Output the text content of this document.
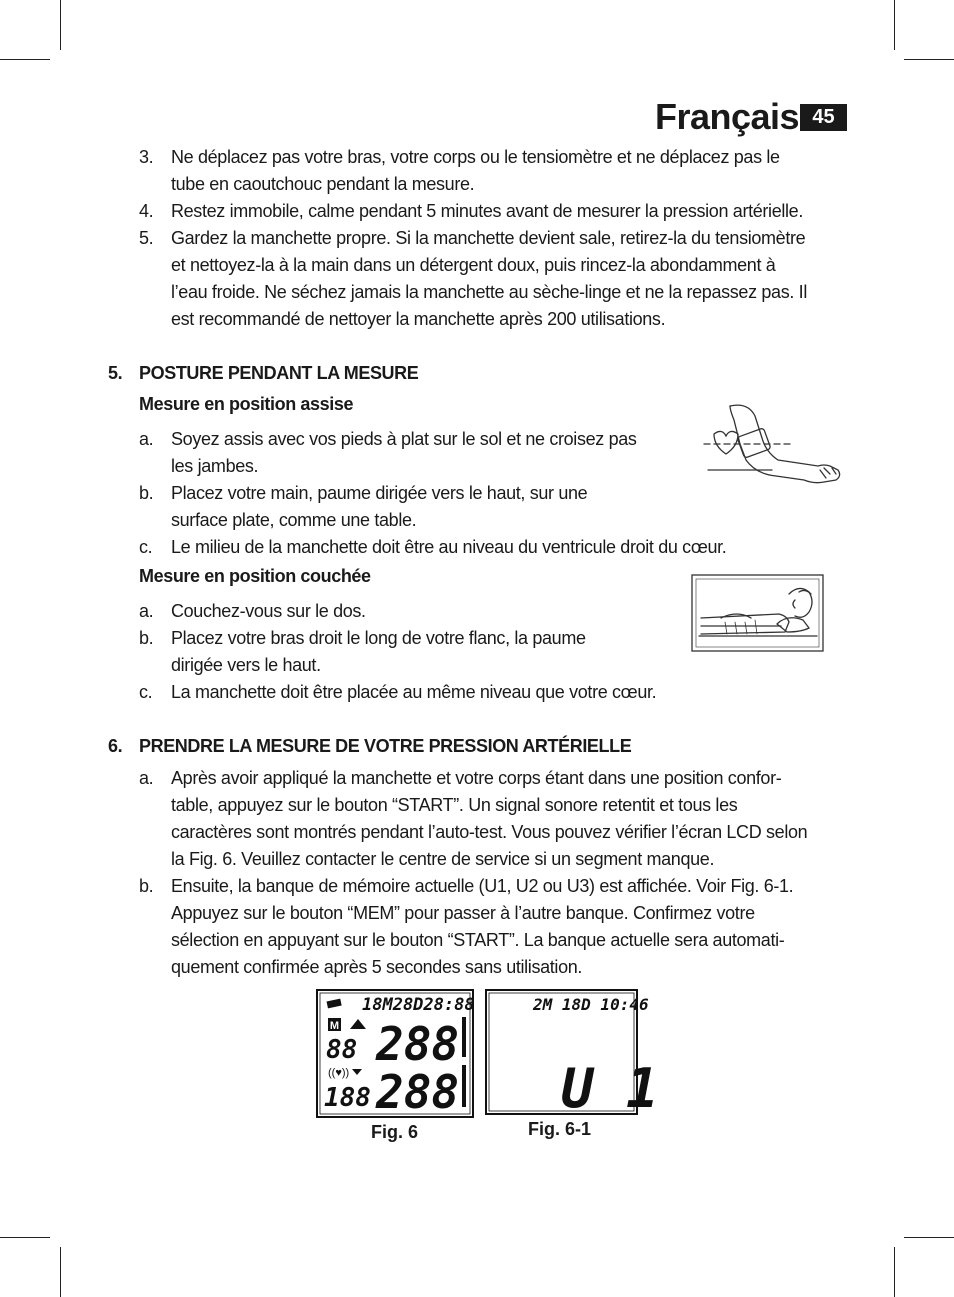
Français 45
3. Ne déplacez pas votre bras, votre corps ou le tensiomètre et ne déplacez pas le
tube en caoutchouc pendant la mesure.
4. Restez immobile, calme pendant 5 minutes avant de mesurer la pression artérielle.
5. Gardez la manchette propre. Si la manchette devient sale, retirez-la du tensiomètre
et nettoyez-la à la main dans un détergent doux, puis rincez-la abondamment à
l’eau froide. Ne séchez jamais la manchette au sèche-linge et ne la repassez pas. Il
est recommandé de nettoyer la manchette après 200 utilisations.
5. POSTURE PENDANT LA MESURE
Mesure en position assise
a. Soyez assis avec vos pieds à plat sur le sol et ne croisez pas
les jambes.
b. Placez votre main, paume dirigée vers le haut, sur une
surface plate, comme une table.
c.	Le milieu de la manchette doit être au niveau du ventricule droit du cœur.
Mesure en position couchée
a. Couchez-vous sur le dos.
b. Placez votre bras droit le long de votre flanc, la paume
dirigée vers le haut.
c.	La manchette doit être placée au même niveau que votre cœur.
6. PRENDRE LA MESURE DE VOTRE PRESSION ARTÉRIELLE
a. Après avoir appliqué la manchette et votre corps étant dans une position confor-
table, appuyez sur le bouton “START”. Un signal sonore retentit et tous les
caractères sont montrés pendant l’auto-test. Vous pouvez vérifier l’écran LCD selon
la Fig. 6. Veuillez contacter le centre de service si un segment manque.
b. Ensuite, la banque de mémoire actuelle (U1, U2 ou U3) est affichée. Voir Fig. 6-1.
Appuyez sur le bouton “MEM” pour passer à l’autre banque. Confirmez votre
sélection en appuyant sur le bouton “START”. La banque actuelle sera automati-
quement confirmée après 5 secondes sans utilisation.
18M28D28:88
M
88
((♥))
188
288
288
Fig. 6
2M 18D 10:46
U 1
Fig. 6-1
